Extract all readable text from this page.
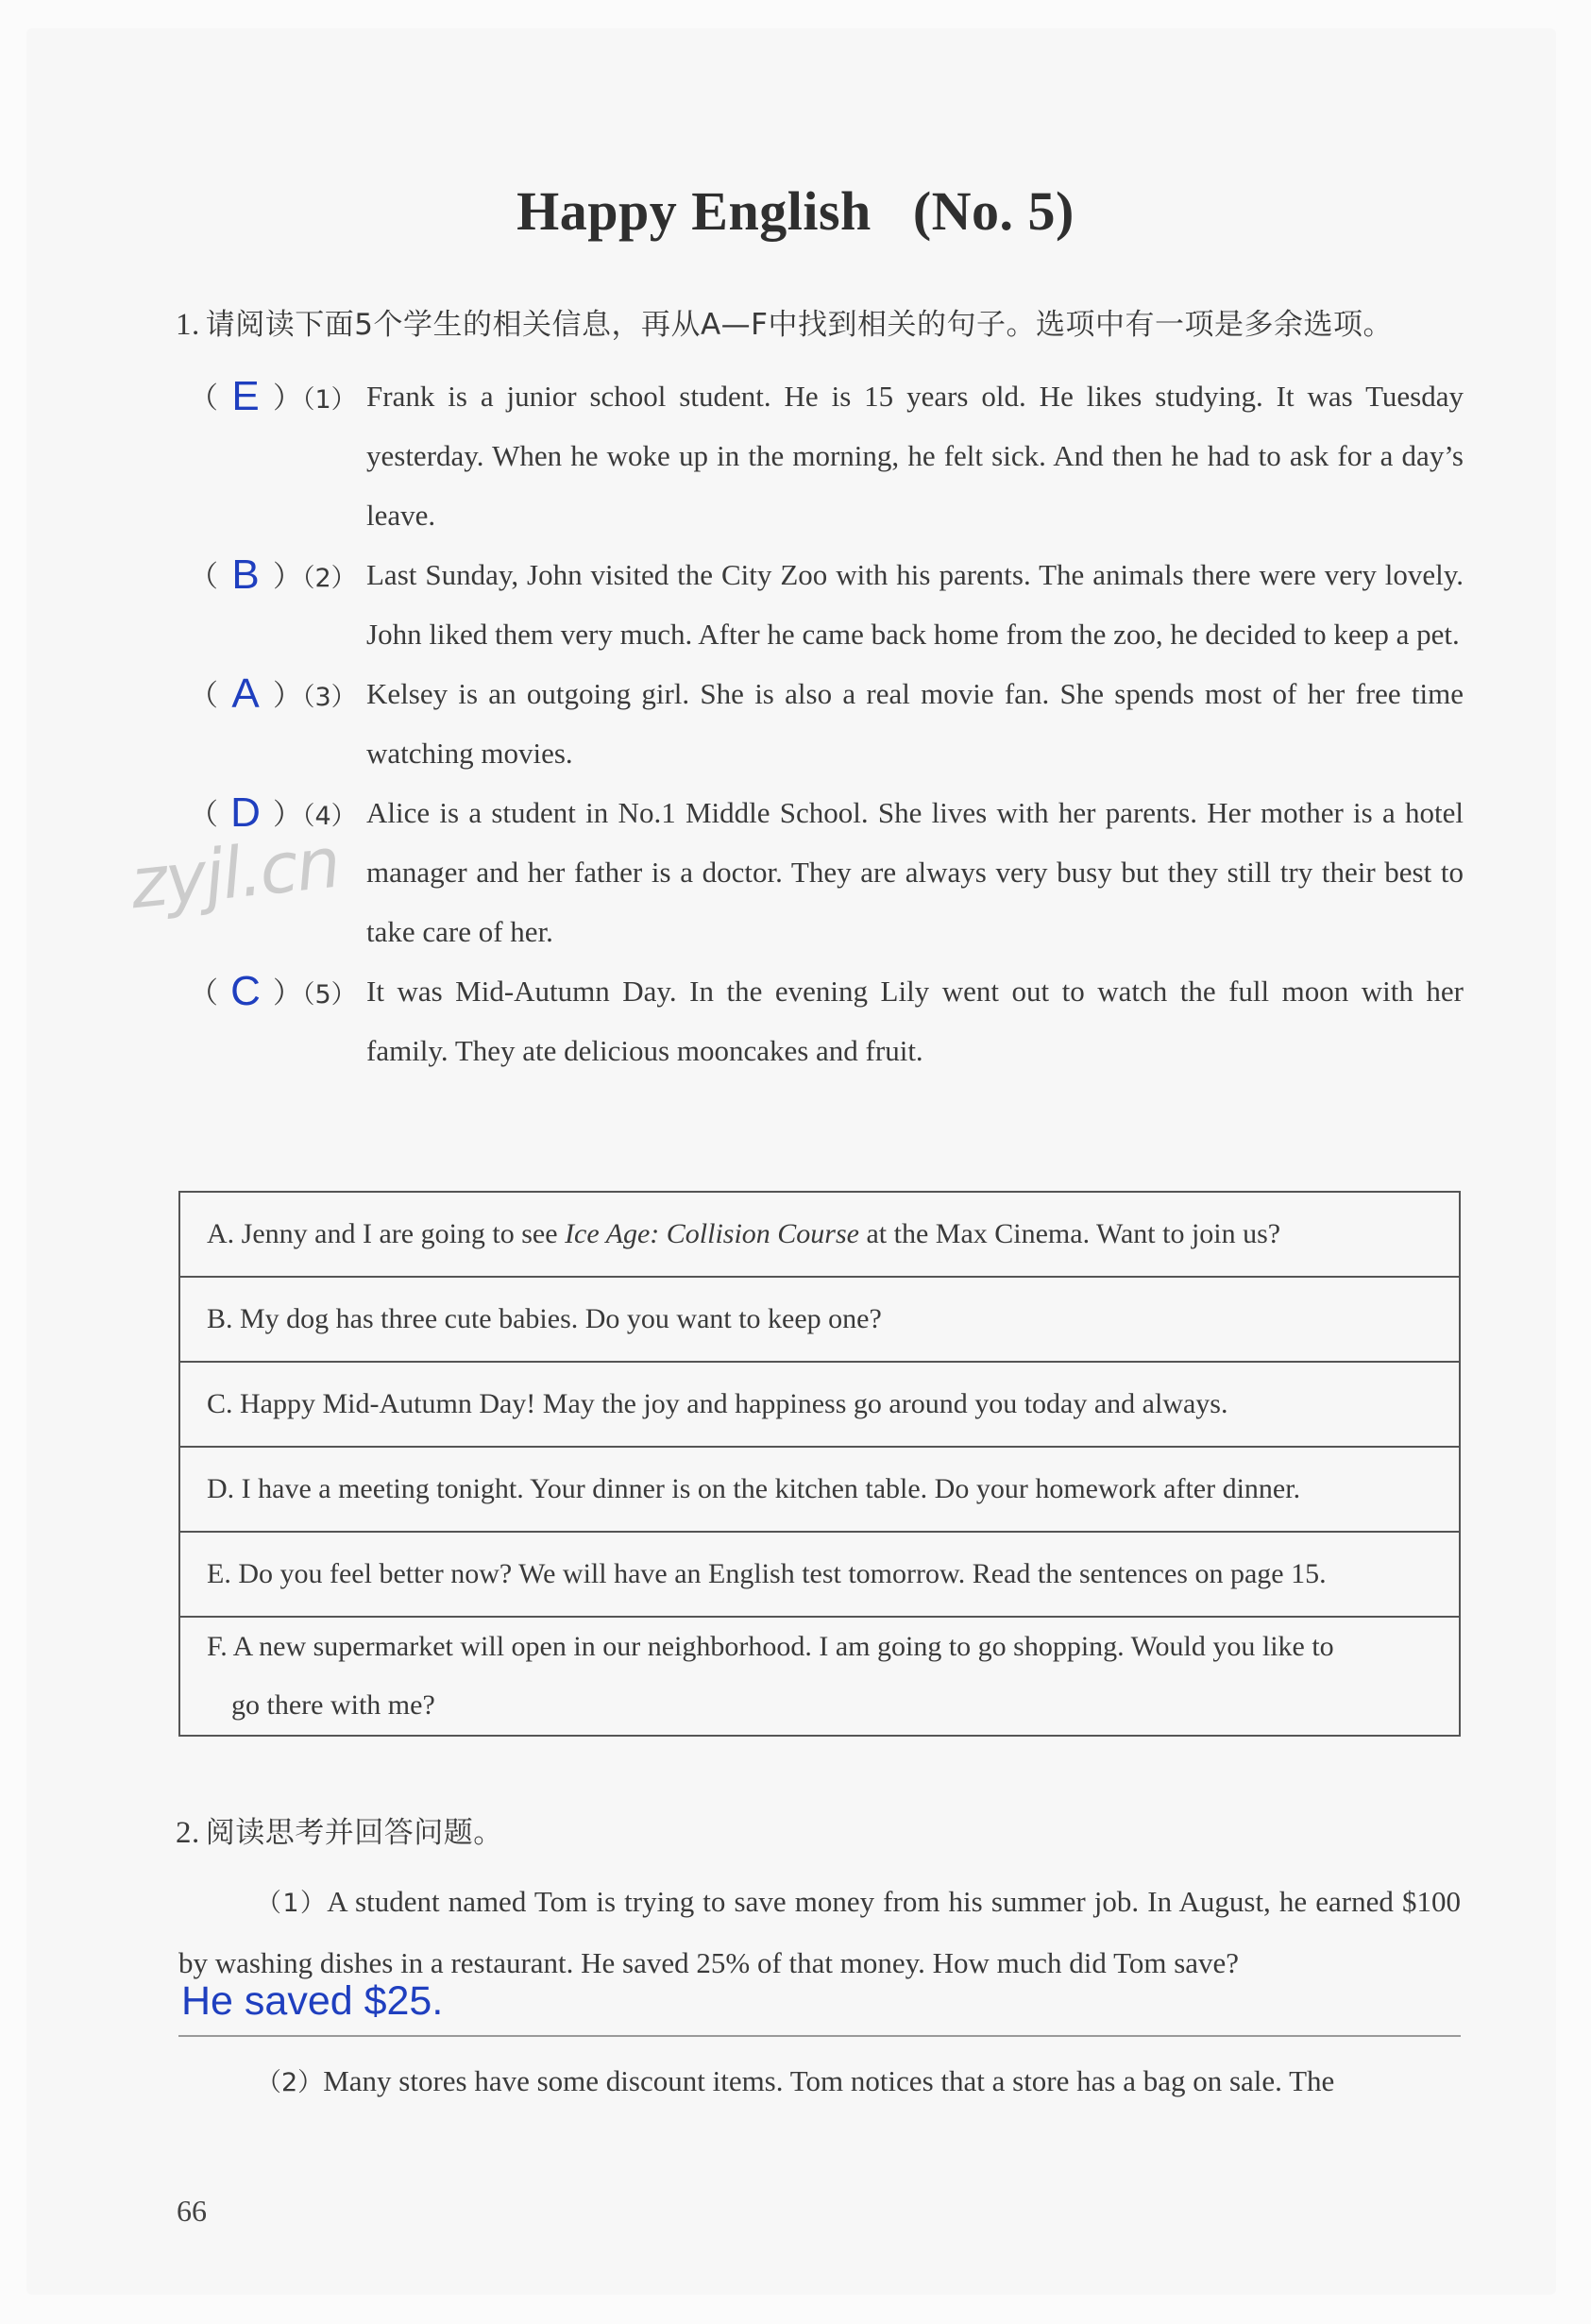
Happy English (No. 5)
1. 请阅读下面5个学生的相关信息，再从A—F中找到相关的句子。选项中有一项是多余选项。
（ E ）（1） Frank is a junior school student. He is 15 years old. He likes studying. It was Tuesday yesterday. When he woke up in the morning, he felt sick. And then he had to ask for a day’s leave.
（ B ）（2） Last Sunday, John visited the City Zoo with his parents. The animals there were very lovely. John liked them very much. After he came back home from the zoo, he decided to keep a pet.
（ A ）（3） Kelsey is an outgoing girl. She is also a real movie fan. She spends most of her free time watching movies.
（ D ）（4） Alice is a student in No.1 Middle School. She lives with her parents. Her mother is a hotel manager and her father is a doctor. They are always very busy but they still try their best to take care of her.
（ C ）（5） It was Mid-Autumn Day. In the evening Lily went out to watch the full moon with her family. They ate delicious mooncakes and fruit.
zyjl.cn
A. Jenny and I are going to see Ice Age: Collision Course at the Max Cinema. Want to join us?
B. My dog has three cute babies. Do you want to keep one?
C. Happy Mid-Autumn Day! May the joy and happiness go around you today and always.
D. I have a meeting tonight. Your dinner is on the kitchen table. Do your homework after dinner.
E. Do you feel better now? We will have an English test tomorrow. Read the sentences on page 15.
F. A new supermarket will open in our neighborhood. I am going to go shopping. Would you like to
go there with me?
2. 阅读思考并回答问题。
（1）A student named Tom is trying to save money from his summer job. In August, he earned $100 by washing dishes in a restaurant. He saved 25% of that money. How much did Tom save?
He saved $25.
（2）Many stores have some discount items. Tom notices that a store has a bag on sale. The
66
